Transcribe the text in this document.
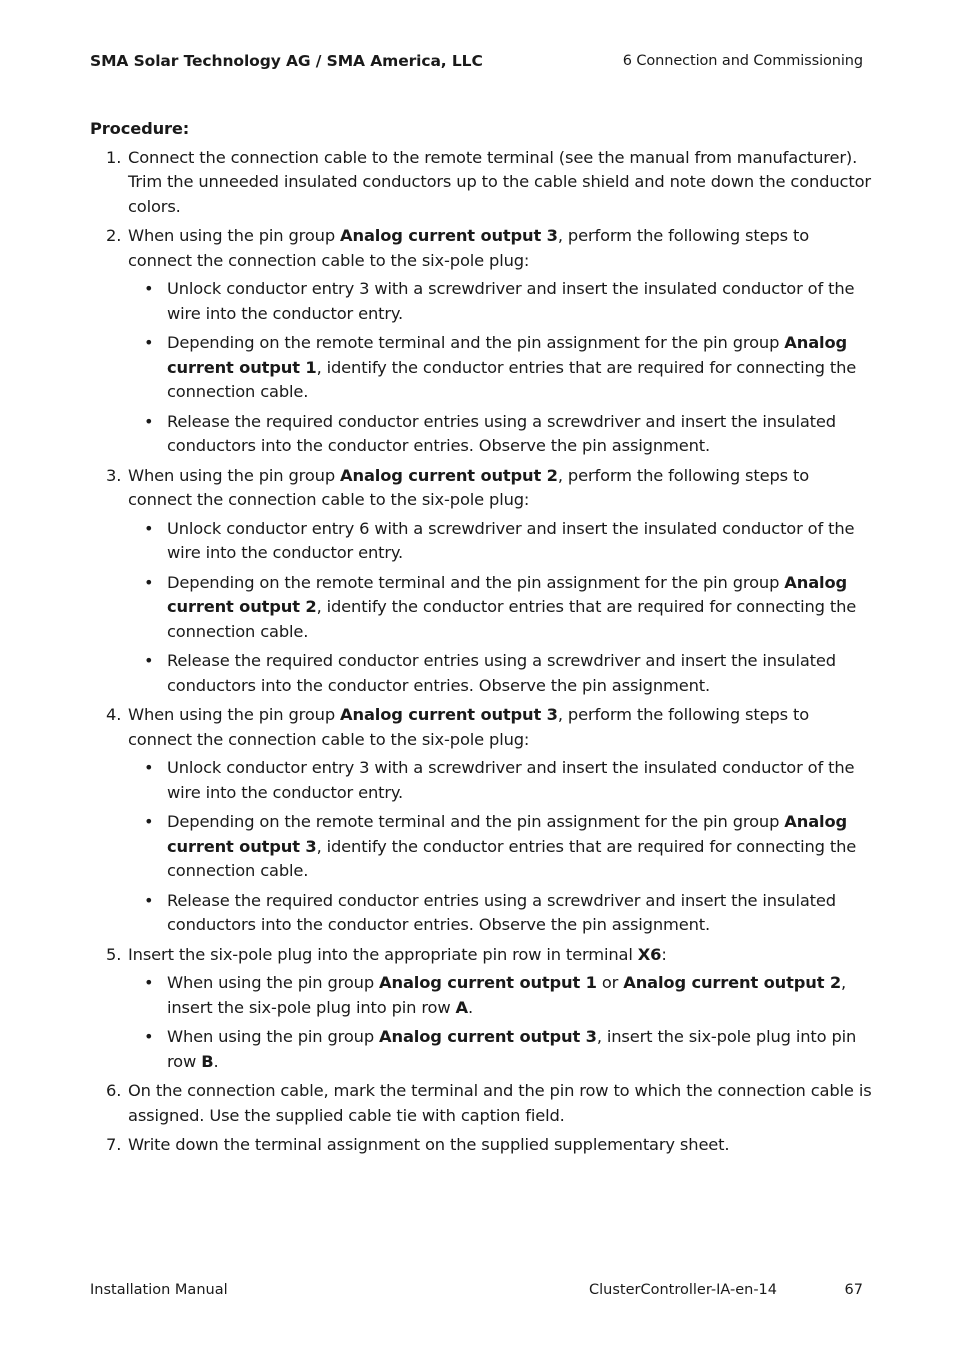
SMA Solar Technology AG / SMA America, LLC	6 Connection and Commissioning
Procedure:
1. Connect the connection cable to the remote terminal (see the manual from manufacturer). Trim the unneeded insulated conductors up to the cable shield and note down the conductor colors.
2. When using the pin group Analog current output 3, perform the following steps to connect the connection cable to the six-pole plug:
• Unlock conductor entry 3 with a screwdriver and insert the insulated conductor of the wire into the conductor entry.
• Depending on the remote terminal and the pin assignment for the pin group Analog current output 1, identify the conductor entries that are required for connecting the connection cable.
• Release the required conductor entries using a screwdriver and insert the insulated conductors into the conductor entries. Observe the pin assignment.
3. When using the pin group Analog current output 2, perform the following steps to connect the connection cable to the six-pole plug:
• Unlock conductor entry 6 with a screwdriver and insert the insulated conductor of the wire into the conductor entry.
• Depending on the remote terminal and the pin assignment for the pin group Analog current output 2, identify the conductor entries that are required for connecting the connection cable.
• Release the required conductor entries using a screwdriver and insert the insulated conductors into the conductor entries. Observe the pin assignment.
4. When using the pin group Analog current output 3, perform the following steps to connect the connection cable to the six-pole plug:
• Unlock conductor entry 3 with a screwdriver and insert the insulated conductor of the wire into the conductor entry.
• Depending on the remote terminal and the pin assignment for the pin group Analog current output 3, identify the conductor entries that are required for connecting the connection cable.
• Release the required conductor entries using a screwdriver and insert the insulated conductors into the conductor entries. Observe the pin assignment.
5. Insert the six-pole plug into the appropriate pin row in terminal X6:
• When using the pin group Analog current output 1 or Analog current output 2, insert the six-pole plug into pin row A.
• When using the pin group Analog current output 3, insert the six-pole plug into pin row B.
6. On the connection cable, mark the terminal and the pin row to which the connection cable is assigned. Use the supplied cable tie with caption field.
7. Write down the terminal assignment on the supplied supplementary sheet.
Installation Manual	ClusterController-IA-en-14	67
